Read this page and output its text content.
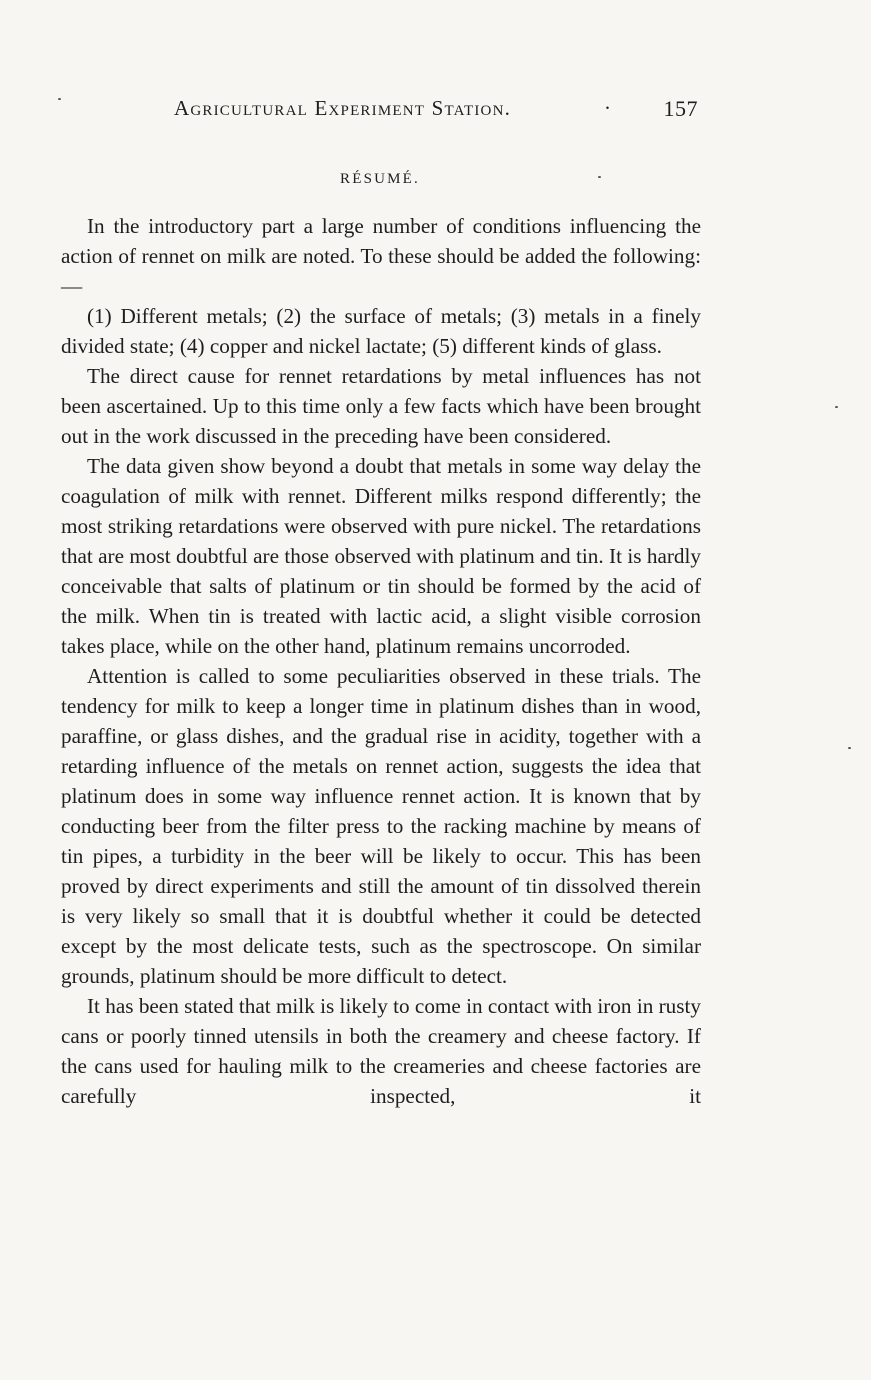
Agricultural Experiment Station.	· 157
RÉSUMÉ.

In the introductory part a large number of conditions influencing the action of rennet on milk are noted. To these should be added the following:—

(1) Different metals; (2) the surface of metals; (3) metals in a finely divided state; (4) copper and nickel lactate; (5) different kinds of glass.

The direct cause for rennet retardations by metal influences has not been ascertained. Up to this time only a few facts which have been brought out in the work discussed in the preceding have been considered.

The data given show beyond a doubt that metals in some way delay the coagulation of milk with rennet. Different milks respond differently; the most striking retardations were observed with pure nickel. The retardations that are most doubtful are those observed with platinum and tin. It is hardly conceivable that salts of platinum or tin should be formed by the acid of the milk. When tin is treated with lactic acid, a slight visible corrosion takes place, while on the other hand, platinum remains uncorroded.

Attention is called to some peculiarities observed in these trials. The tendency for milk to keep a longer time in platinum dishes than in wood, paraffine, or glass dishes, and the gradual rise in acidity, together with a retarding influence of the metals on rennet action, suggests the idea that platinum does in some way influence rennet action. It is known that by conducting beer from the filter press to the racking machine by means of tin pipes, a turbidity in the beer will be likely to occur. This has been proved by direct experiments and still the amount of tin dissolved therein is very likely so small that it is doubtful whether it could be detected except by the most delicate tests, such as the spectroscope. On similar grounds, platinum should be more difficult to detect.

It has been stated that milk is likely to come in contact with iron in rusty cans or poorly tinned utensils in both the creamery and cheese factory. If the cans used for hauling milk to the creameries and cheese factories are carefully inspected, it
